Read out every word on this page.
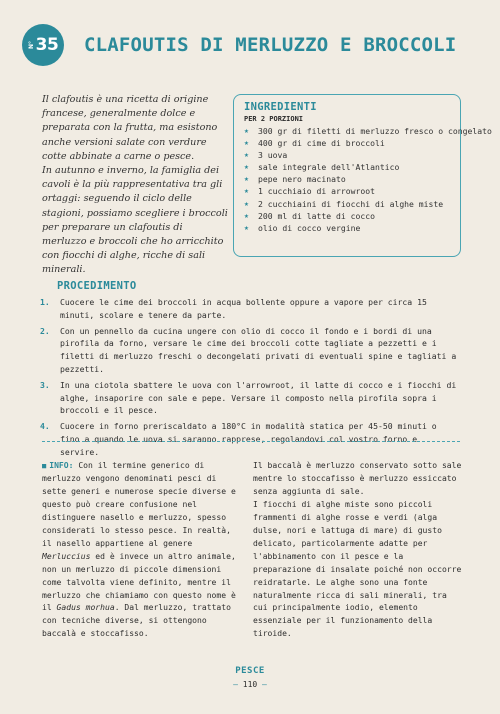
N° 35 CLAFOUTIS DI MERLUZZO E BROCCOLI

Il clafoutis è una ricetta di origine francese, generalmente dolce e preparata con la frutta, ma esistono anche versioni salate con verdure cotte abbinate a carne o pesce.

In autunno e inverno, la famiglia dei cavoli è la più rappresentativa tra gli ortaggi: seguendo il ciclo delle stagioni, possiamo scegliere i broccoli per preparare un clafoutis di merluzzo e broccoli che ho arricchito con fiocchi di alghe, ricche di sali minerali.

INGREDIENTI
PER 2 PORZIONI
★	300 gr di filetti di merluzzo fresco o congelato
★	400 gr di cime di broccoli
★	3 uova
★	sale integrale dell'Atlantico
★	pepe nero macinato
★	1 cucchiaio di arrowroot
★	2 cucchiaini di fiocchi di alghe miste
★	200 ml di latte di cocco
★	olio di cocco vergine
PROCEDIMENTO
1.	Cuocere le cime dei broccoli in acqua bollente oppure a vapore per circa 15 minuti, scolare e tenere da parte.
2.	Con un pennello da cucina ungere con olio di cocco il fondo e i bordi di una pirofila da forno, versare le cime dei broccoli cotte tagliate a pezzetti e i filetti di merluzzo freschi o decongelati privati di eventuali spine e tagliati a pezzetti.
3.	In una ciotola sbattere le uova con l'arrowroot, il latte di cocco e i fiocchi di alghe, insaporire con sale e pepe. Versare il composto nella pirofila sopra i broccoli e il pesce.
4.	Cuocere in forno preriscaldato a 180°C in modalità statica per 45-50 minuti o fino a quando le uova si saranno rapprese, regolandovi col vostro forno e servire.
■ INFO: Con il termine generico di merluzzo vengono denominati pesci di sette generi e numerose specie diverse e questo può creare confusione nel distinguere nasello e merluzzo, spesso considerati lo stesso pesce. In realtà, il nasello appartiene al genere Merluccius ed è invece un altro animale, non un merluzzo di piccole dimensioni come talvolta viene definito, mentre il merluzzo che chiamiamo con questo nome è il Gadus morhua. Dal merluzzo, trattato con tecniche diverse, si ottengono baccalà e stoccafisso.
Il baccalà è merluzzo conservato sotto sale mentre lo stoccafisso è merluzzo essiccato senza aggiunta di sale.
I fiocchi di alghe miste sono piccoli frammenti di alghe rosse e verdi (alga dulse, nori e lattuga di mare) di gusto delicato, particolarmente adatte per l'abbinamento con il pesce e la preparazione di insalate poiché non occorre reidratarle. Le alghe sono una fonte naturalmente ricca di sali minerali, tra cui principalmente iodio, elemento essenziale per il funzionamento della tiroide.
PESCE
— 110 —
